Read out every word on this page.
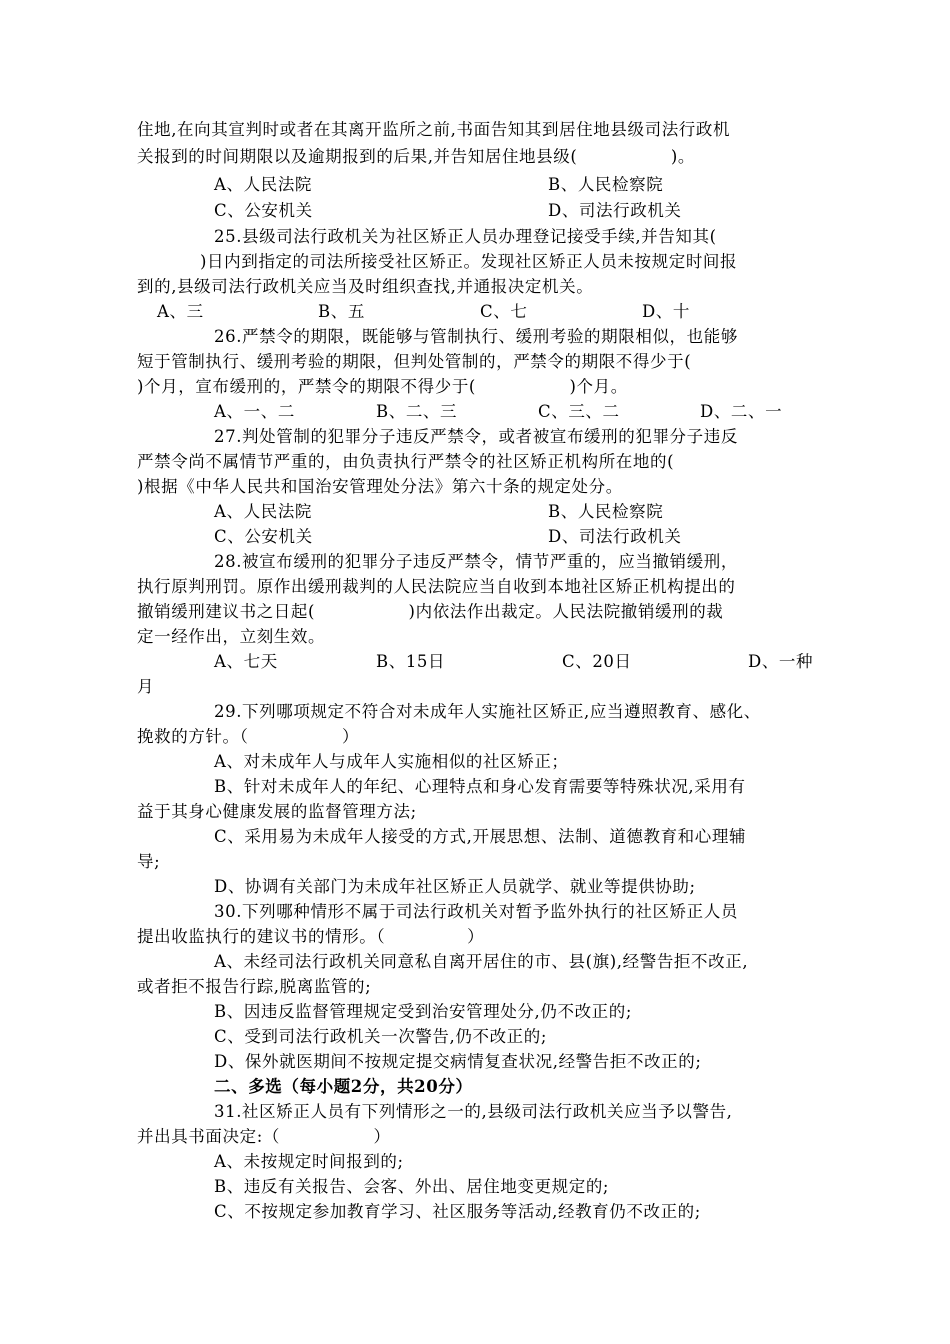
住地,在向其宣判时或者在其离开监所之前,书面告知其到居住地县级司法行政机
关报到的时间期限以及逾期报到的后果,并告知居住地县级(                )。

A、人民法院

	B、人民检察院

C、公安机关

	D、司法行政机关

25.县级司法行政机关为社区矫正人员办理登记接受手续,并告知其(
)日内到指定的司法所接受社区矫正。发现社区矫正人员未按规定时间报
到的,县级司法行政机关应当及时组织查找,并通报决定机关。

A、三

	B、五

	C、七

	D、十

26.严禁令的期限，既能够与管制执行、缓刑考验的期限相似，也能够
短于管制执行、缓刑考验的期限，但判处管制的，严禁令的期限不得少于(
)个月，宣布缓刑的，严禁令的期限不得少于(                )个月。

A、一、二

	B、二、三

	C、三、二

	D、二、一

27.判处管制的犯罪分子违反严禁令，或者被宣布缓刑的犯罪分子违反
严禁令尚不属情节严重的，由负责执行严禁令的社区矫正机构所在地的(
)根据《中华人民共和国治安管理处分法》第六十条的规定处分。

A、人民法院

	B、人民检察院

C、公安机关

	D、司法行政机关

28.被宣布缓刑的犯罪分子违反严禁令，情节严重的，应当撤销缓刑，
执行原判刑罚。原作出缓刑裁判的人民法院应当自收到本地社区矫正机构提出的
撤销缓刑建议书之日起(                )内依法作出裁定。人民法院撤销缓刑的裁
定一经作出，立刻生效。

A、七天

	B、15日

	C、20日

	D、一种

月
29.下列哪项规定不符合对未成年人实施社区矫正,应当遵照教育、感化、
挽救的方针。（                ）
A、对未成年人与成年人实施相似的社区矫正；
B、针对未成年人的年纪、心理特点和身心发育需要等特殊状况,采用有
益于其身心健康发展的监督管理方法;
C、采用易为未成年人接受的方式,开展思想、法制、道德教育和心理辅
导;
D、协调有关部门为未成年社区矫正人员就学、就业等提供协助;
30.下列哪种情形不属于司法行政机关对暂予监外执行的社区矫正人员
提出收监执行的建议书的情形。（              ）
A、未经司法行政机关同意私自离开居住的市、县(旗),经警告拒不改正,
或者拒不报告行踪,脱离监管的;
B、因违反监督管理规定受到治安管理处分,仍不改正的;
C、受到司法行政机关一次警告,仍不改正的;
D、保外就医期间不按规定提交病情复查状况,经警告拒不改正的;
二、多选（每小题2分，共20分）
31.社区矫正人员有下列情形之一的,县级司法行政机关应当予以警告,
并出具书面决定:（                ）
A、未按规定时间报到的;
B、违反有关报告、会客、外出、居住地变更规定的;
C、不按规定参加教育学习、社区服务等活动,经教育仍不改正的;
